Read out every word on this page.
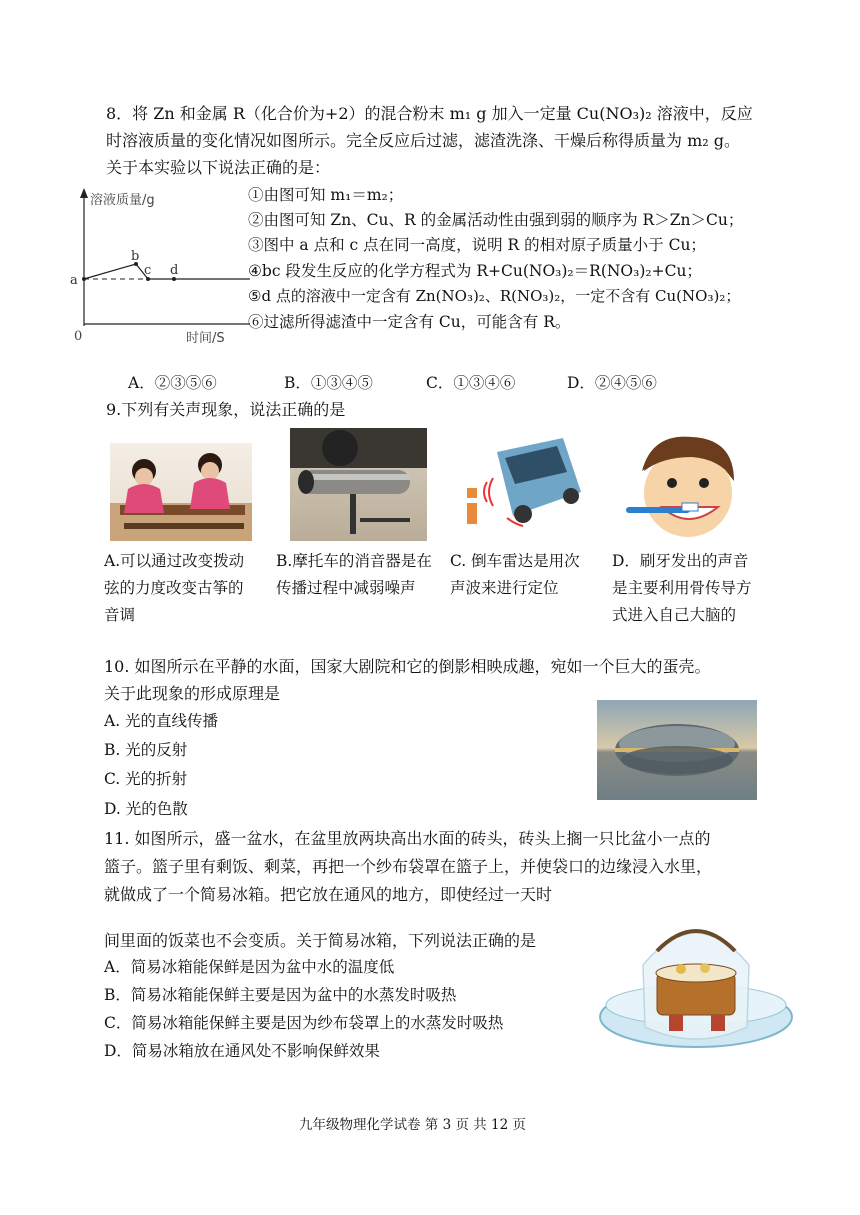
8．将 Zn 和金属 R（化合价为+2）的混合粉末 m₁ g 加入一定量 Cu(NO₃)₂ 溶液中，反应
时溶液质量的变化情况如图所示。完全反应后过滤，滤渣洗涤、干燥后称得质量为 m₂ g。
关于本实验以下说法正确的是：
溶液质量/g
时间/S
0
a
b
c d
①由图可知 m₁＝m₂；
②由图可知 Zn、Cu、R 的金属活动性由强到弱的顺序为 R＞Zn＞Cu；
③图中 a 点和 c 点在同一高度，说明 R 的相对原子质量小于 Cu；
④bc 段发生反应的化学方程式为 R+Cu(NO₃)₂＝R(NO₃)₂+Cu；
⑤d 点的溶液中一定含有 Zn(NO₃)₂、R(NO₃)₂，一定不含有 Cu(NO₃)₂；
⑥过滤所得滤渣中一定含有 Cu，可能含有 R。
A．②③⑤⑥	B．①③④⑤	C．①③④⑥	D．②④⑤⑥
9.下列有关声现象，说法正确的是
A.可以通过改变拨动弦的力度改变古筝的音调
B.摩托车的消音器是在传播过程中减弱噪声
C. 倒车雷达是用次声波来进行定位
D．刷牙发出的声音是主要利用骨传导方式进入自己大脑的
10. 如图所示在平静的水面，国家大剧院和它的倒影相映成趣，宛如一个巨大的蛋壳。
关于此现象的形成原理是
A. 光的直线传播
B. 光的反射
C. 光的折射
D. 光的色散
11. 如图所示，盛一盆水，在盆里放两块高出水面的砖头，砖头上搁一只比盆小一点的
篮子。篮子里有剩饭、剩菜，再把一个纱布袋罩在篮子上，并使袋口的边缘浸入水里，
就做成了一个简易冰箱。把它放在通风的地方，即使经过一天时
间里面的饭菜也不会变质。关于简易冰箱，下列说法正确的是
A．简易冰箱能保鲜是因为盆中水的温度低
B．简易冰箱能保鲜主要是因为盆中的水蒸发时吸热
C．简易冰箱能保鲜主要是因为纱布袋罩上的水蒸发时吸热
D．简易冰箱放在通风处不影响保鲜效果
九年级物理化学试卷 第 3 页 共 12 页
